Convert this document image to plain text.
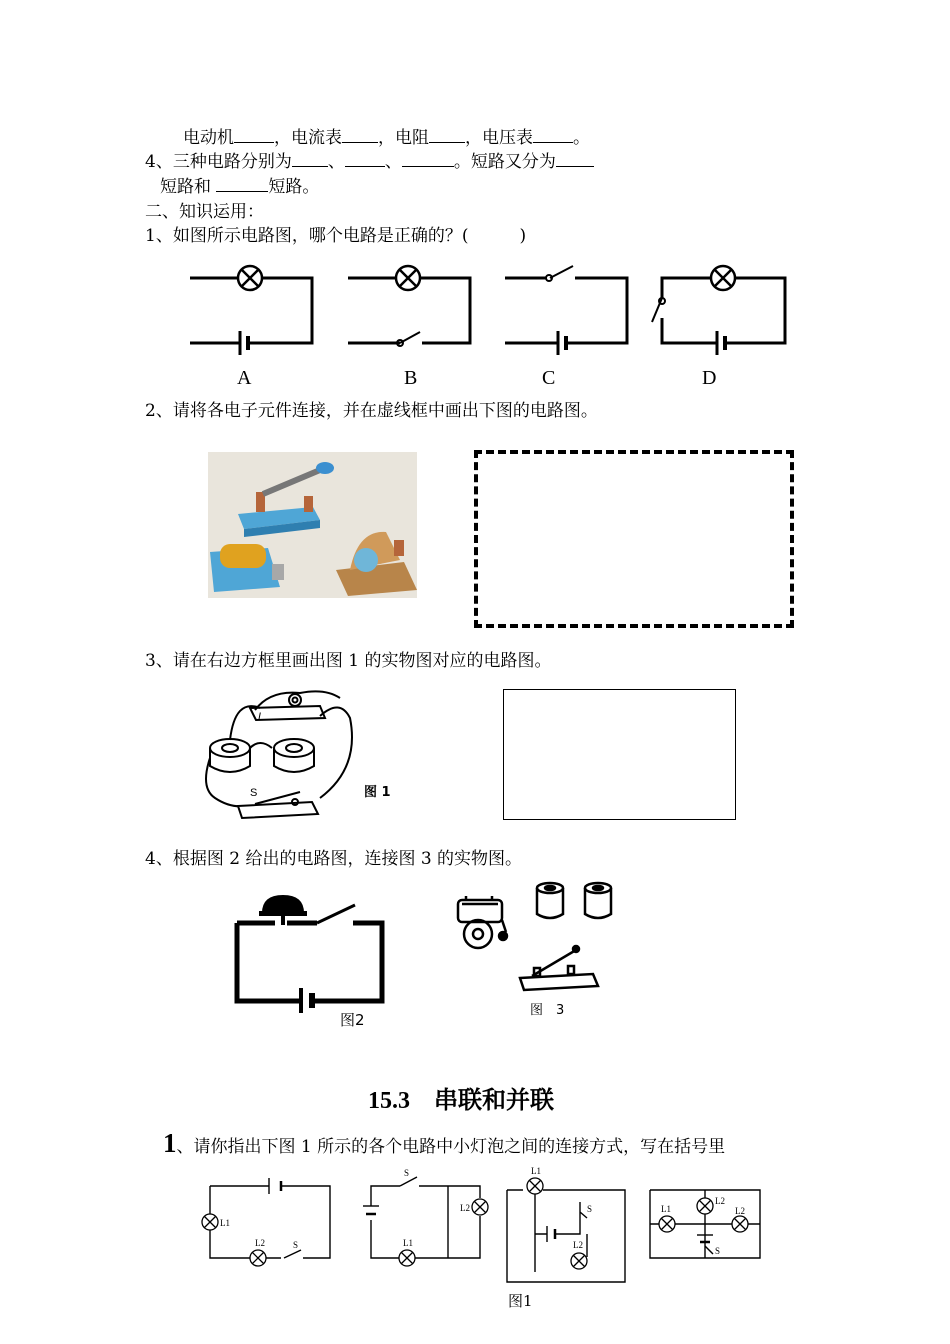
电动机 ，电流表 ，电阻 ，电压表 。
4、三种电路分别为 、 、	。短路又分为
短路和	短路。
二、知识运用：
1、如图所示电路图，哪个电路是正确的？(　　　)
A	B	C	D
2、请将各电子元件连接，并在虚线框中画出下图的电路图。
3、请在右边方框里画出图 1 的实物图对应的电路图。
L
S	图 1
4、根据图 2 给出的电路图，连接图 3 的实物图。
图2
图　3
15.3　串联和并联
1、请你指出下图 1 所示的各个电路中小灯泡之间的连接方式，写在括号里
L1
L2	S
S
L2
L1
L1
S
L2
L1
L2
L2
S
图1
